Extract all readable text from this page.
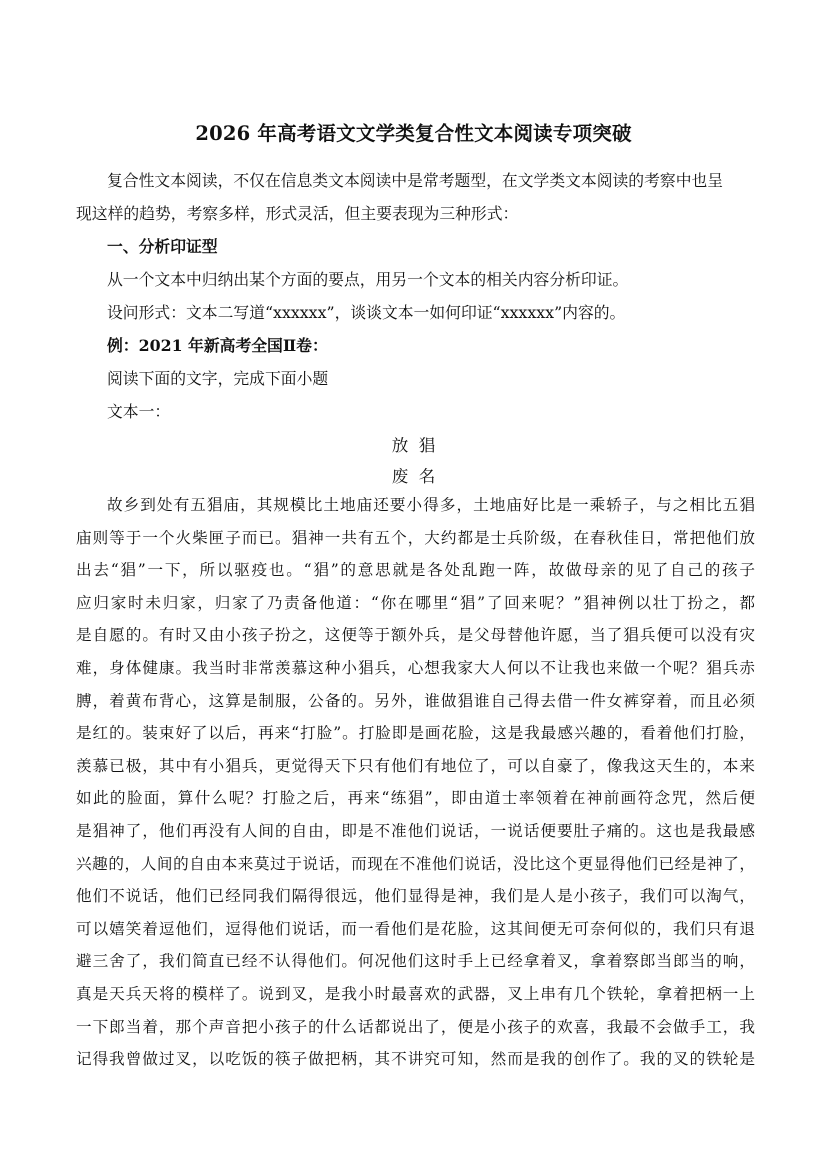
2026 年高考语文文学类复合性文本阅读专项突破
复合性文本阅读，不仅在信息类文本阅读中是常考题型，在文学类文本阅读的考察中也呈
现这样的趋势，考察多样，形式灵活，但主要表现为三种形式：
一、分析印证型
从一个文本中归纳出某个方面的要点，用另一个文本的相关内容分析印证。
设问形式：文本二写道“xxxxxx”，谈谈文本一如何印证“xxxxxx”内容的。
例：2021 年新高考全国Ⅱ卷：
阅读下面的文字，完成下面小题
文本一：
放  猖
废  名
故乡到处有五猖庙，其规模比土地庙还要小得多，土地庙好比是一乘轿子，与之相比五猖
庙则等于一个火柴匣子而已。猖神一共有五个，大约都是士兵阶级，在春秋佳日，常把他们放
出去“猖”一下，所以驱疫也。“猖”的意思就是各处乱跑一阵，故做母亲的见了自己的孩子
应归家时未归家，归家了乃责备他道：“你在哪里“猖”了回来呢？”猖神例以壮丁扮之，都
是自愿的。有时又由小孩子扮之，这便等于额外兵，是父母替他许愿，当了猖兵便可以没有灾
难，身体健康。我当时非常羡慕这种小猖兵，心想我家大人何以不让我也来做一个呢？猖兵赤
膊，着黄布背心，这算是制服，公备的。另外，谁做猖谁自己得去借一件女裤穿着，而且必须
是红的。装束好了以后，再来“打脸”。打脸即是画花脸，这是我最感兴趣的，看着他们打脸，
羡慕已极，其中有小猖兵，更觉得天下只有他们有地位了，可以自豪了，像我这天生的，本来
如此的脸面，算什么呢？打脸之后，再来“练猖”，即由道士率领着在神前画符念咒，然后便
是猖神了，他们再没有人间的自由，即是不准他们说话，一说话便要肚子痛的。这也是我最感
兴趣的，人间的自由本来莫过于说话，而现在不准他们说话，没比这个更显得他们已经是神了，
他们不说话，他们已经同我们隔得很远，他们显得是神，我们是人是小孩子，我们可以淘气，
可以嬉笑着逗他们，逗得他们说话，而一看他们是花脸，这其间便无可奈何似的，我们只有退
避三舍了，我们简直已经不认得他们。何况他们这时手上已经拿着叉，拿着察郎当郎当的响，
真是天兵天将的模样了。说到叉，是我小时最喜欢的武器，叉上串有几个铁轮，拿着把柄一上
一下郎当着，那个声音把小孩子的什么话都说出了，便是小孩子的欢喜，我最不会做手工，我
记得我曾做过叉，以吃饭的筷子做把柄，其不讲究可知，然而是我的创作了。我的叉的铁轮是
